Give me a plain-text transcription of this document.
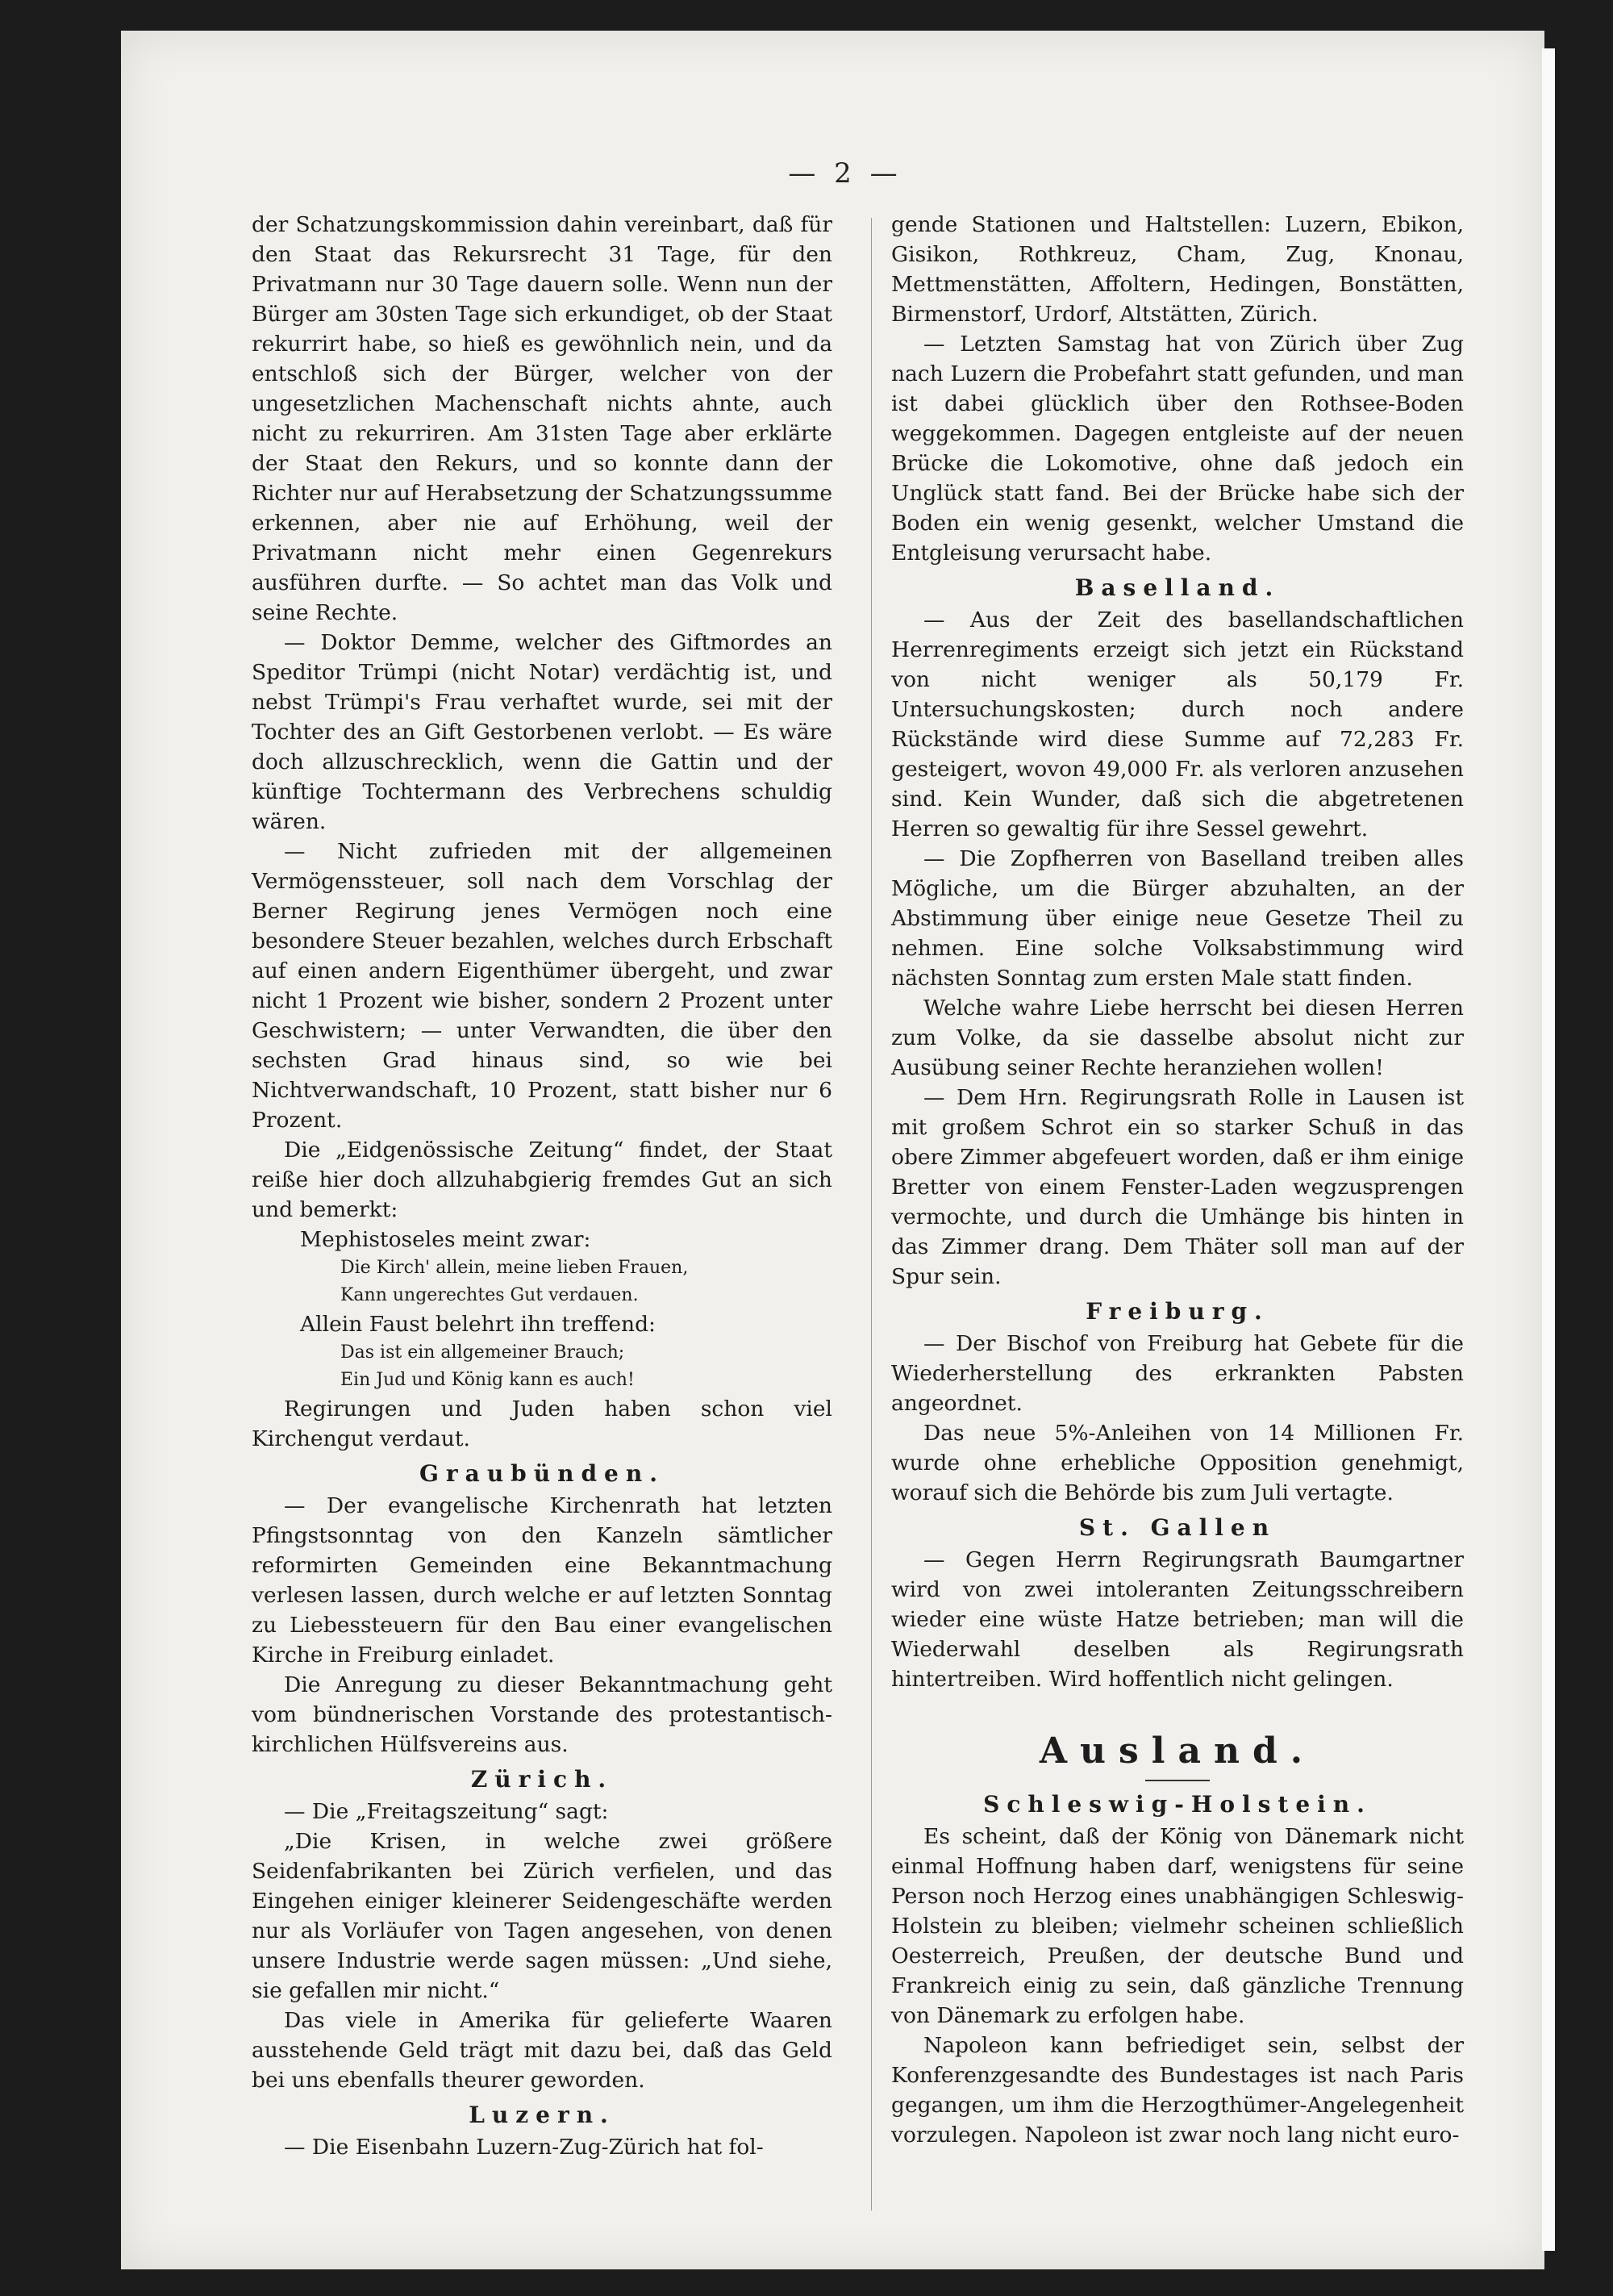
— 2 —

der Schatzungskommission dahin vereinbart, daß für den Staat das Rekursrecht 31 Tage, für den Privatmann nur 30 Tage dauern solle. Wenn nun der Bürger am 30sten Tage sich erkundiget, ob der Staat rekurrirt habe, so hieß es gewöhnlich nein, und da entschloß sich der Bürger, welcher von der ungesetzlichen Machenschaft nichts ahnte, auch nicht zu rekurriren. Am 31sten Tage aber erklärte der Staat den Rekurs, und so konnte dann der Richter nur auf Herabsetzung der Schatzungssumme erkennen, aber nie auf Erhöhung, weil der Privatmann nicht mehr einen Gegenrekurs ausführen durfte. — So achtet man das Volk und seine Rechte.

— Doktor Demme, welcher des Giftmordes an Speditor Trümpi (nicht Notar) verdächtig ist, und nebst Trümpi's Frau verhaftet wurde, sei mit der Tochter des an Gift Gestorbenen verlobt. — Es wäre doch allzuschrecklich, wenn die Gattin und der künftige Tochtermann des Verbrechens schuldig wären.

— Nicht zufrieden mit der allgemeinen Vermögenssteuer, soll nach dem Vorschlag der Berner Regirung jenes Vermögen noch eine besondere Steuer bezahlen, welches durch Erbschaft auf einen andern Eigenthümer übergeht, und zwar nicht 1 Prozent wie bisher, sondern 2 Prozent unter Geschwistern; — unter Verwandten, die über den sechsten Grad hinaus sind, so wie bei Nichtverwandschaft, 10 Prozent, statt bisher nur 6 Prozent.

Die „Eidgenössische Zeitung“ findet, der Staat reiße hier doch allzuhabgierig fremdes Gut an sich und bemerkt:

Mephistoseles meint zwar:

Die Kirch' allein, meine lieben Frauen,

Kann ungerechtes Gut verdauen.

Allein Faust belehrt ihn treffend:

Das ist ein allgemeiner Brauch;

Ein Jud und König kann es auch!

Regirungen und Juden haben schon viel Kirchengut verdaut.

Graubünden.

— Der evangelische Kirchenrath hat letzten Pfingstsonntag von den Kanzeln sämtlicher reformirten Gemeinden eine Bekanntmachung verlesen lassen, durch welche er auf letzten Sonntag zu Liebessteuern für den Bau einer evangelischen Kirche in Freiburg einladet.

Die Anregung zu dieser Bekanntmachung geht vom bündnerischen Vorstande des protestantisch-kirchlichen Hülfsvereins aus.

Zürich.

— Die „Freitagszeitung“ sagt:

„Die Krisen, in welche zwei größere Seidenfabrikanten bei Zürich verfielen, und das Eingehen einiger kleinerer Seidengeschäfte werden nur als Vorläufer von Tagen angesehen, von denen unsere Industrie werde sagen müssen: „Und siehe, sie gefallen mir nicht.“

Das viele in Amerika für gelieferte Waaren ausstehende Geld trägt mit dazu bei, daß das Geld bei uns ebenfalls theurer geworden.

Luzern.

— Die Eisenbahn Luzern-Zug-Zürich hat fol-

gende Stationen und Haltstellen: Luzern, Ebikon, Gisikon, Rothkreuz, Cham, Zug, Knonau, Mettmenstätten, Affoltern, Hedingen, Bonstätten, Birmenstorf, Urdorf, Altstätten, Zürich.

— Letzten Samstag hat von Zürich über Zug nach Luzern die Probefahrt statt gefunden, und man ist dabei glücklich über den Rothsee-Boden weggekommen. Dagegen entgleiste auf der neuen Brücke die Lokomotive, ohne daß jedoch ein Unglück statt fand. Bei der Brücke habe sich der Boden ein wenig gesenkt, welcher Umstand die Entgleisung verursacht habe.

Baselland.

— Aus der Zeit des basellandschaftlichen Herrenregiments erzeigt sich jetzt ein Rückstand von nicht weniger als 50,179 Fr. Untersuchungskosten; durch noch andere Rückstände wird diese Summe auf 72,283 Fr. gesteigert, wovon 49,000 Fr. als verloren anzusehen sind. Kein Wunder, daß sich die abgetretenen Herren so gewaltig für ihre Sessel gewehrt.

— Die Zopfherren von Baselland treiben alles Mögliche, um die Bürger abzuhalten, an der Abstimmung über einige neue Gesetze Theil zu nehmen. Eine solche Volksabstimmung wird nächsten Sonntag zum ersten Male statt finden.

Welche wahre Liebe herrscht bei diesen Herren zum Volke, da sie dasselbe absolut nicht zur Ausübung seiner Rechte heranziehen wollen!

— Dem Hrn. Regirungsrath Rolle in Lausen ist mit großem Schrot ein so starker Schuß in das obere Zimmer abgefeuert worden, daß er ihm einige Bretter von einem Fenster-Laden wegzusprengen vermochte, und durch die Umhänge bis hinten in das Zimmer drang. Dem Thäter soll man auf der Spur sein.

Freiburg.

— Der Bischof von Freiburg hat Gebete für die Wiederherstellung des erkrankten Pabsten angeordnet.

Das neue 5%-Anleihen von 14 Millionen Fr. wurde ohne erhebliche Opposition genehmigt, worauf sich die Behörde bis zum Juli vertagte.

St. Gallen

— Gegen Herrn Regirungsrath Baumgartner wird von zwei intoleranten Zeitungsschreibern wieder eine wüste Hatze betrieben; man will die Wiederwahl deselben als Regirungsrath hintertreiben. Wird hoffentlich nicht gelingen.

Ausland.
Schleswig-Holstein.

Es scheint, daß der König von Dänemark nicht einmal Hoffnung haben darf, wenigstens für seine Person noch Herzog eines unabhängigen Schleswig-Holstein zu bleiben; vielmehr scheinen schließlich Oesterreich, Preußen, der deutsche Bund und Frankreich einig zu sein, daß gänzliche Trennung von Dänemark zu erfolgen habe.

Napoleon kann befriediget sein, selbst der Konferenzgesandte des Bundestages ist nach Paris gegangen, um ihm die Herzogthümer-Angelegenheit vorzulegen. Napoleon ist zwar noch lang nicht euro-
